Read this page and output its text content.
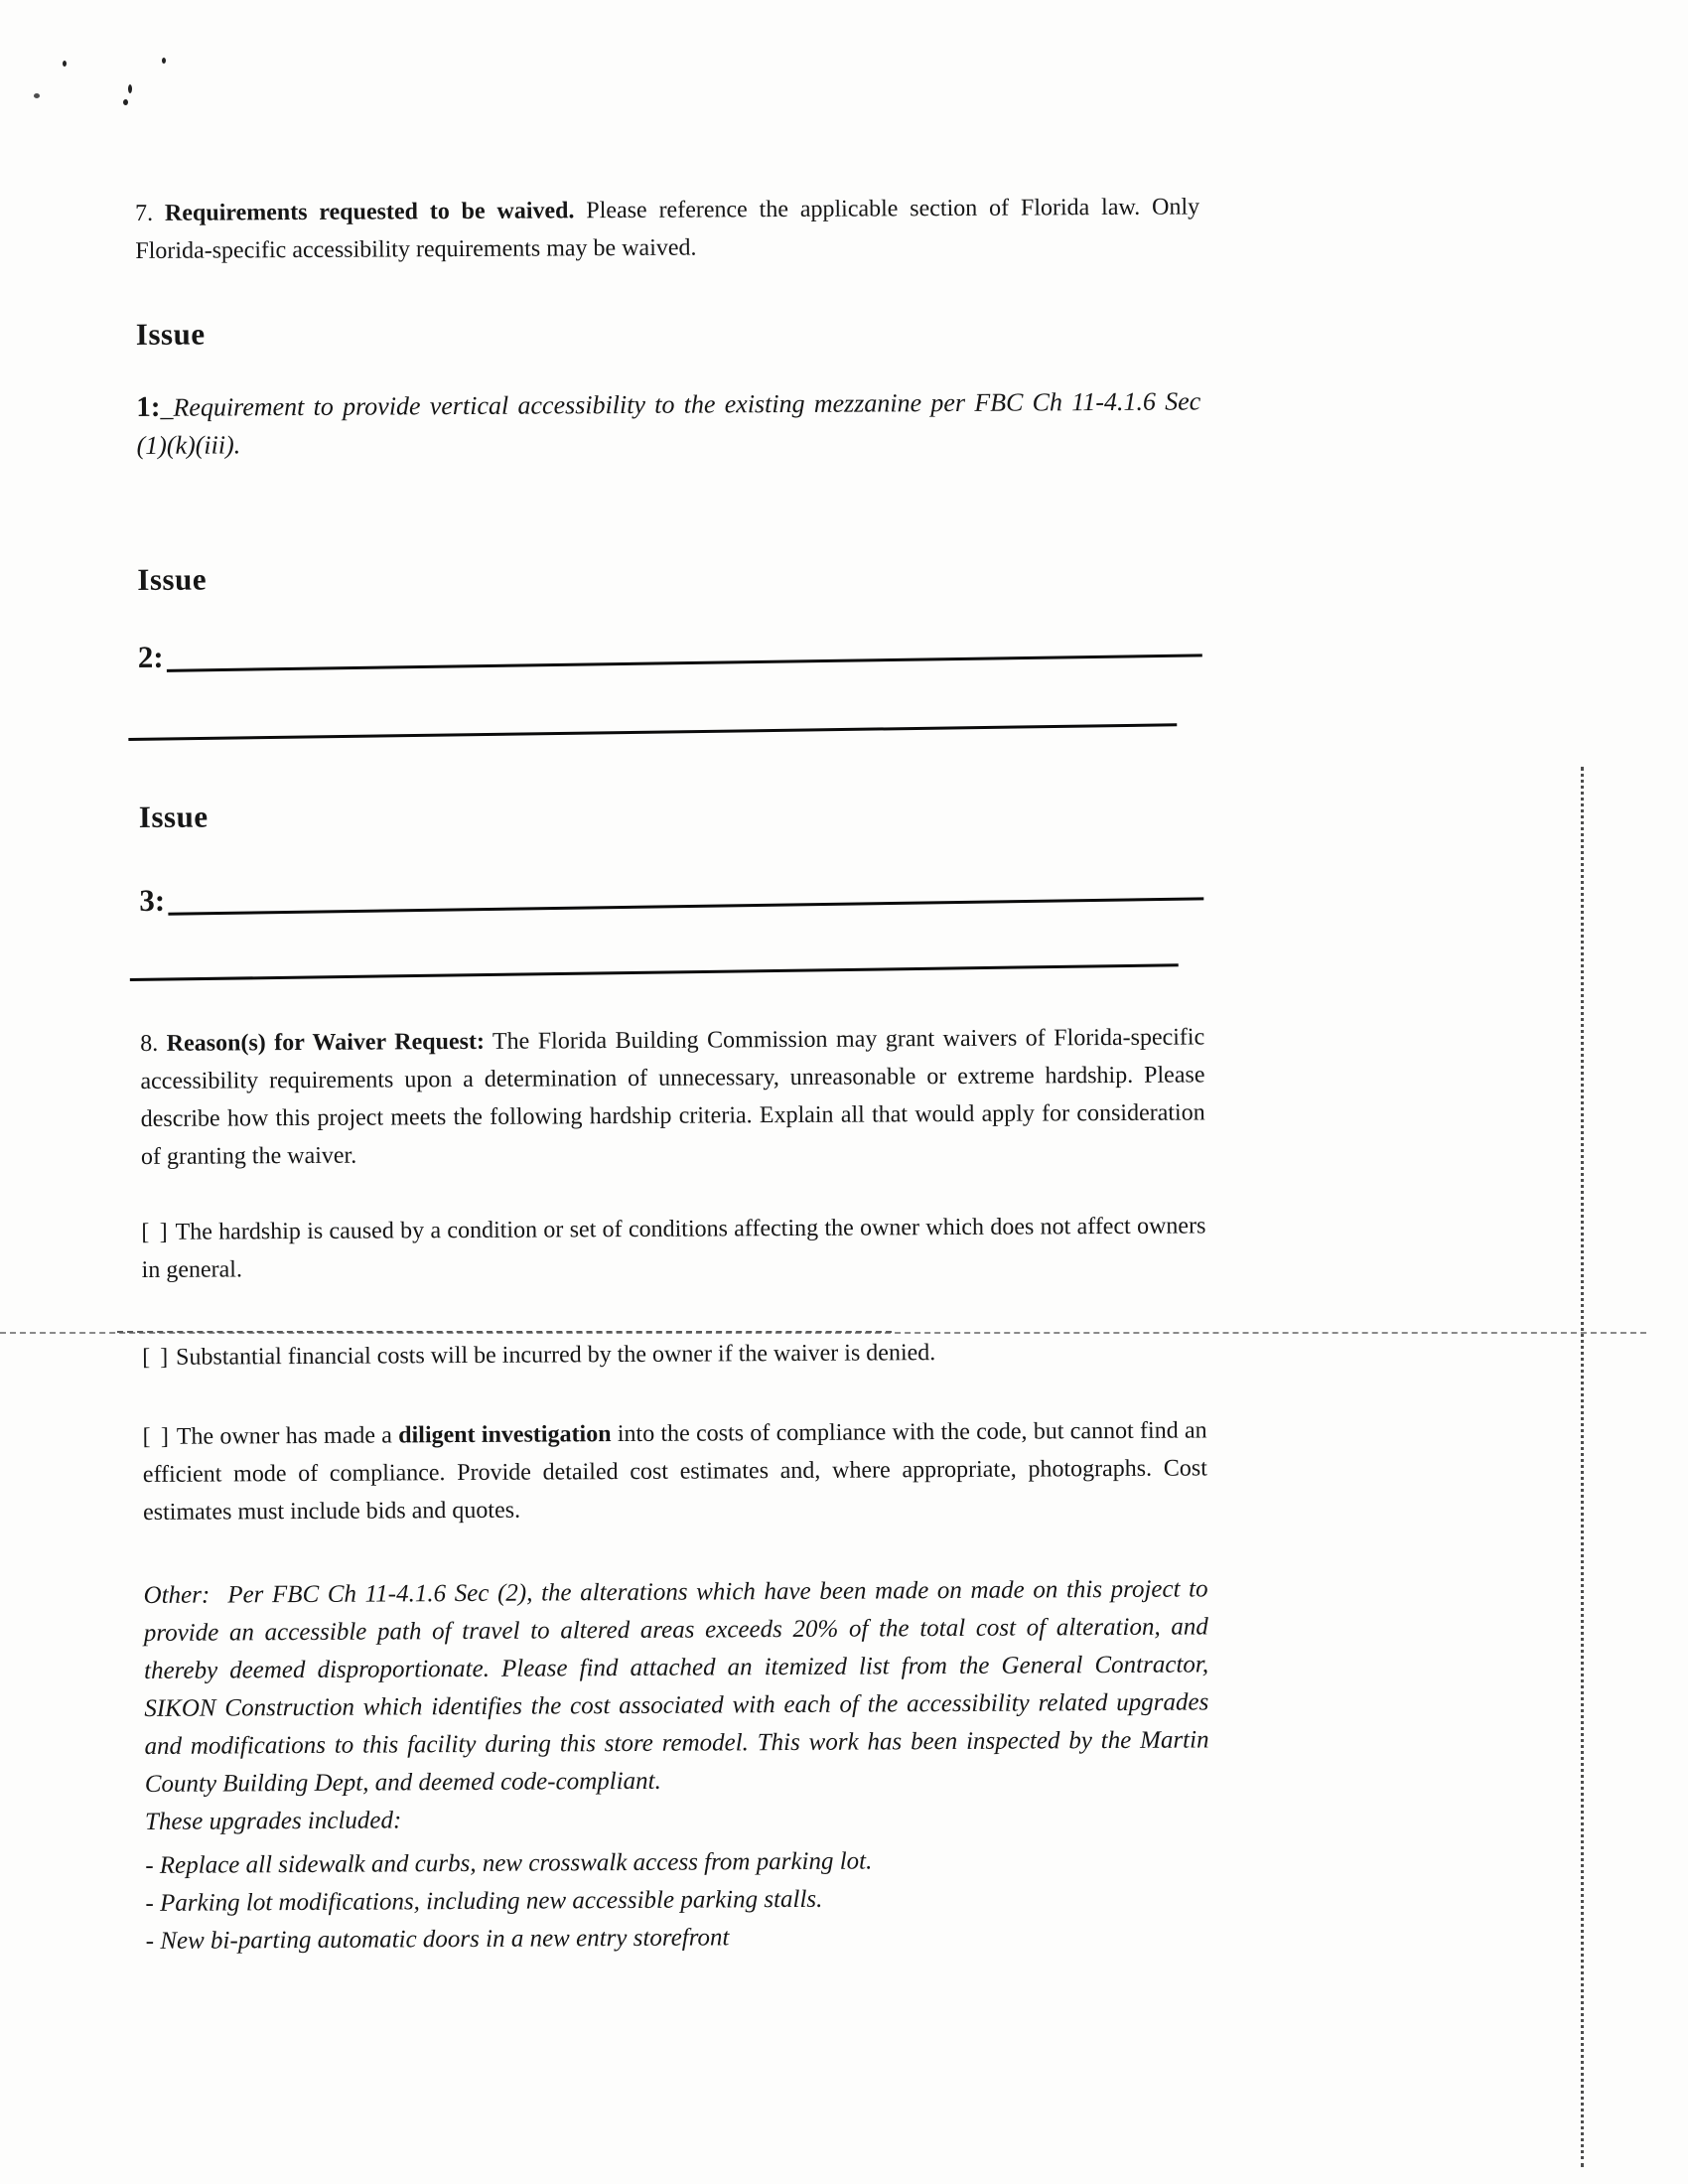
7. Requirements requested to be waived. Please reference the applicable section of Florida law. Only Florida-specific accessibility requirements may be waived.

Issue

1:_Requirement to provide vertical accessibility to the existing mezzanine per FBC Ch 11-4.1.6 Sec (1)(k)(iii).

Issue
2:
Issue
3:

8. Reason(s) for Waiver Request: The Florida Building Commission may grant waivers of Florida-specific accessibility requirements upon a determination of unnecessary, unreasonable or extreme hardship. Please describe how this project meets the following hardship criteria. Explain all that would apply for consideration of granting the waiver.

[ ] The hardship is caused by a condition or set of conditions affecting the owner which does not affect owners in general.

[ ] Substantial financial costs will be incurred by the owner if the waiver is denied.

[ ] The owner has made a diligent investigation into the costs of compliance with the code, but cannot find an efficient mode of compliance. Provide detailed cost estimates and, where appropriate, photographs. Cost estimates must include bids and quotes.

Other: Per FBC Ch 11-4.1.6 Sec (2), the alterations which have been made on made on this project to provide an accessible path of travel to altered areas exceeds 20% of the total cost of alteration, and thereby deemed disproportionate. Please find attached an itemized list from the General Contractor, SIKON Construction which identifies the cost associated with each of the accessibility related upgrades and modifications to this facility during this store remodel. This work has been inspected by the Martin County Building Dept, and deemed code-compliant.
These upgrades included:

- Replace all sidewalk and curbs, new crosswalk access from parking lot.

- Parking lot modifications, including new accessible parking stalls.

- New bi-parting automatic doors in a new entry storefront
